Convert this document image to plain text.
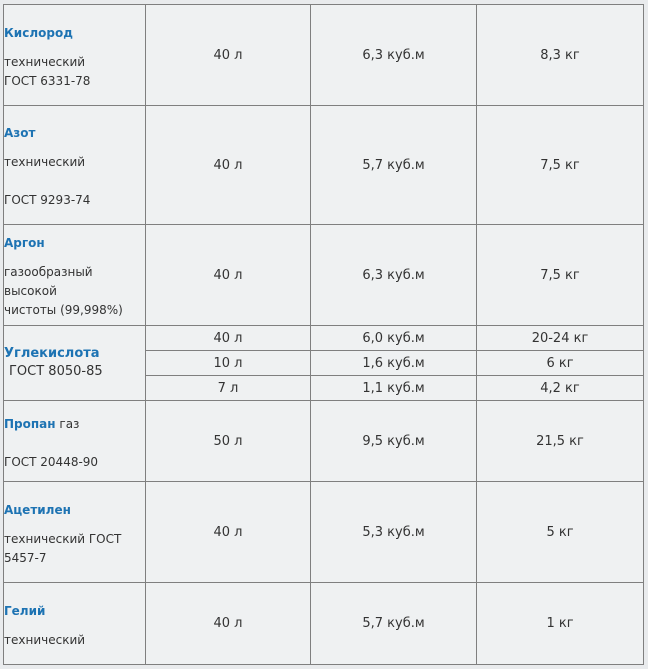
Кислород
технический
ГОСТ 6331-78	40 л	6,3 куб.м	8,3 кг

Азот
технический
ГОСТ 9293-74	40 л	5,7 куб.м	7,5 кг

Аргон
газообразный высокой
чистоты (99,998%)	40 л	6,3 куб.м	7,5 кг

Углекислота
ГОСТ 8050-85	40 л	6,0 куб.м	20-24 кг
	10 л	1,6 куб.м	6 кг
	7 л	1,1 куб.м	4,2 кг

Пропан газ
ГОСТ 20448-90	50 л	9,5 куб.м	21,5 кг

Ацетилен
технический ГОСТ
5457-7	40 л	5,3 куб.м	5 кг

Гелий
технический	40 л	5,7 куб.м	1 кг
